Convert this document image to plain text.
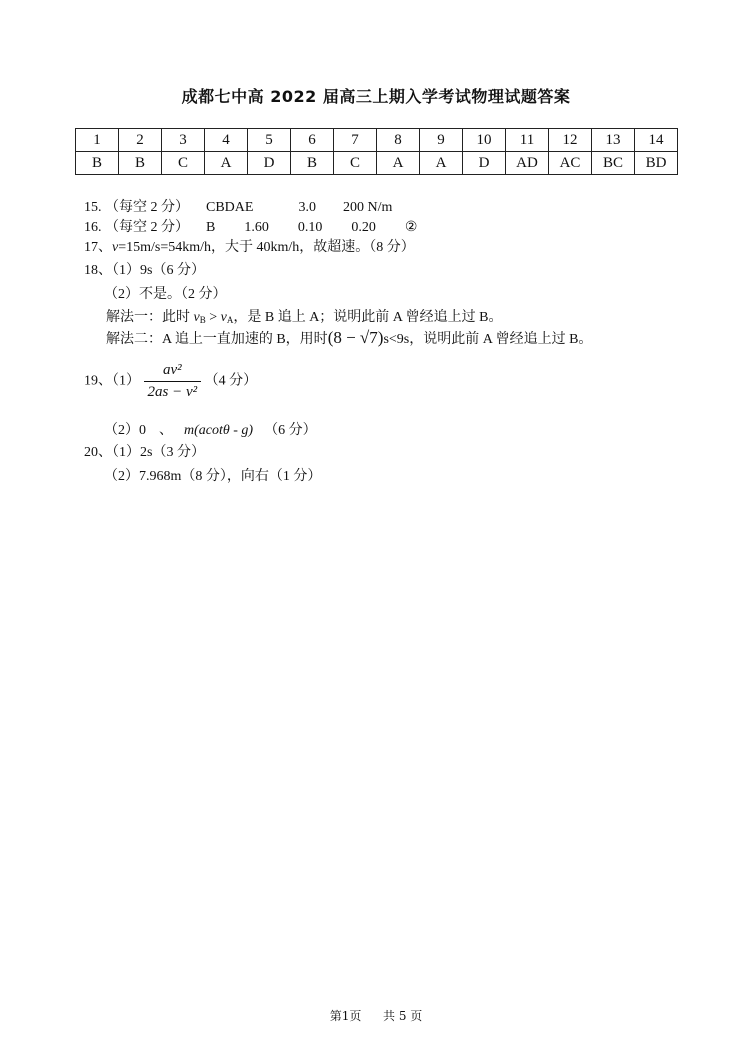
成都七中高 2022 届高三上期入学考试物理试题答案
1	2	3	4	5	6	7	8	9	10	11	12	13	14
B	B	C	A	D	B	C	A	A	D	AD	AC	BC	BD
15. （每空 2 分） CBDAE	3.0 200 N/m
16. （每空 2 分） B 1.60 0.10 0.20 ②
17、v=15m/s=54km/h，大于 40km/h，故超速。（8 分）
18、（1）9s（6 分）
（2）不是。（2 分）
解法一：此时 $v_B > v_A$，是 B 追上 A；说明此前 A 曾经追上过 B。
解法二：A 追上一直加速的 B，用时(8 − √7)s<9s，说明此前 A 曾经追上过 B。
19、$(1) \frac{\text{av²}}{\text{2as − v²}} (4$ 分）
（2）0 、 m(acotθ - g) （6 分）
20、（1）2s（3 分）
（2）7.968m（8 分），向右（1 分）
第1页 共 5 页
